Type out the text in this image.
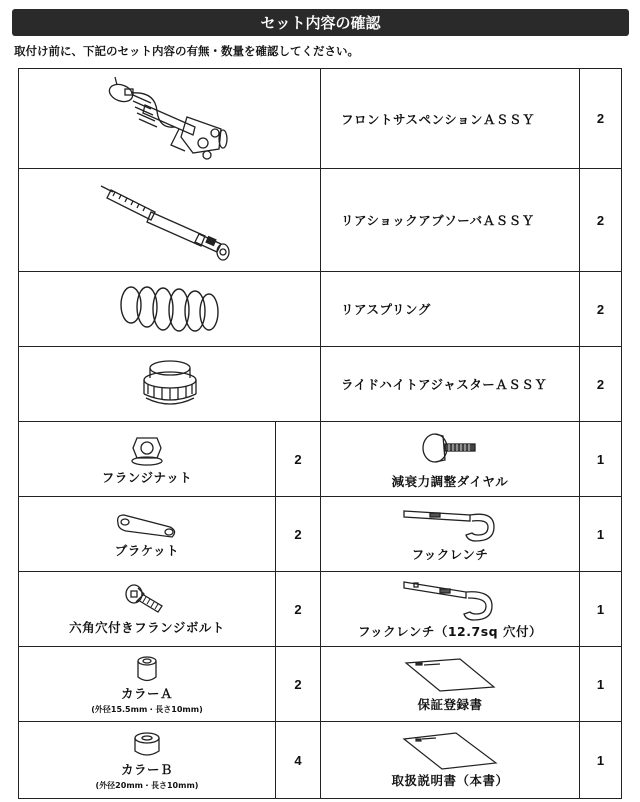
セット内容の確認
取付け前に、下記のセット内容の有無・数量を確認してください。
	フロントサスペンションＡＳＳＹ	2

	リアショックアブソーバＡＳＳＹ	2

	リアスプリング	2

	ライドハイトアジャスターＡＳＳＹ	2

フランジナット	2	減衰力調整ダイヤル	1

ブラケット	2	フックレンチ	1

六角穴付きフランジボルト	2	フックレンチ（12.7sq 穴付）	1

カラーＡ
(外径15.5mm・長さ10mm)	2	保証登録書	1

カラーＢ
(外径20mm・長さ10mm)	4	取扱説明書（本書）	1
